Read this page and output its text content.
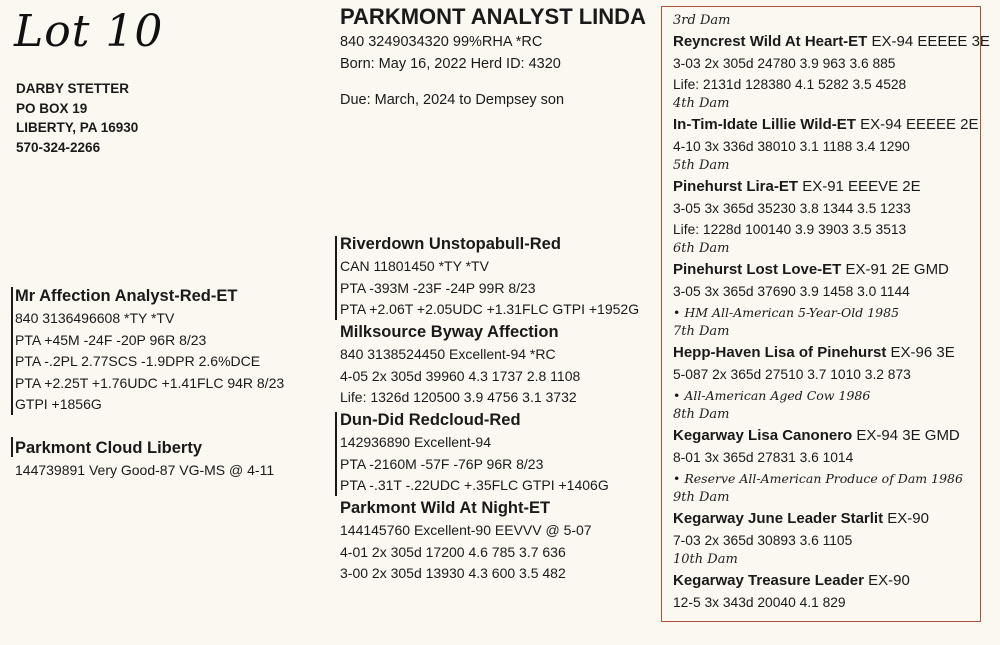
Lot 10
DARBY STETTER
PO BOX 19
LIBERTY, PA 16930
570-324-2266
PARKMONT ANALYST LINDA
840 3249034320 99%RHA *RC
Born: May 16, 2022 Herd ID: 4320
Due: March, 2024 to Dempsey son
Mr Affection Analyst-Red-ET
840 3136496608 *TY *TV
PTA +45M -24F -20P 96R 8/23
PTA -.2PL 2.77SCS -1.9DPR 2.6%DCE
PTA +2.25T +1.76UDC +1.41FLC 94R 8/23
GTPI +1856G
Parkmont Cloud Liberty
144739891 Very Good-87 VG-MS @ 4-11
Riverdown Unstopabull-Red
CAN 11801450 *TY *TV
PTA -393M -23F -24P 99R 8/23
PTA +2.06T +2.05UDC +1.31FLC GTPI +1952G
Milksource Byway Affection
840 3138524450 Excellent-94 *RC
4-05 2x 305d 39960 4.3 1737 2.8 1108
Life: 1326d 120500 3.9 4756 3.1 3732
Dun-Did Redcloud-Red
142936890 Excellent-94
PTA -2160M -57F -76P 96R 8/23
PTA -.31T -.22UDC +.35FLC GTPI +1406G
Parkmont Wild At Night-ET
144145760 Excellent-90 EEVVV @ 5-07
4-01 2x 305d 17200 4.6 785 3.7 636
3-00 2x 305d 13930 4.3 600 3.5 482
3rd Dam
Reyncrest Wild At Heart-ET EX-94 EEEEE 3E
3-03 2x 305d 24780 3.9 963 3.6 885
Life: 2131d 128380 4.1 5282 3.5 4528
4th Dam
In-Tim-Idate Lillie Wild-ET EX-94 EEEEE 2E
4-10 3x 336d 38010 3.1 1188 3.4 1290
5th Dam
Pinehurst Lira-ET EX-91 EEEVE 2E
3-05 3x 365d 35230 3.8 1344 3.5 1233
Life: 1228d 100140 3.9 3903 3.5 3513
6th Dam
Pinehurst Lost Love-ET EX-91 2E GMD
3-05 3x 365d 37690 3.9 1458 3.0 1144
• HM All-American 5-Year-Old 1985
7th Dam
Hepp-Haven Lisa of Pinehurst EX-96 3E
5-087 2x 365d 27510 3.7 1010 3.2 873
• All-American Aged Cow 1986
8th Dam
Kegarway Lisa Canonero EX-94 3E GMD
8-01 3x 365d 27831 3.6 1014
• Reserve All-American Produce of Dam 1986
9th Dam
Kegarway June Leader Starlit EX-90
7-03 2x 365d 30893 3.6 1105
10th Dam
Kegarway Treasure Leader EX-90
12-5 3x 343d 20040 4.1 829
